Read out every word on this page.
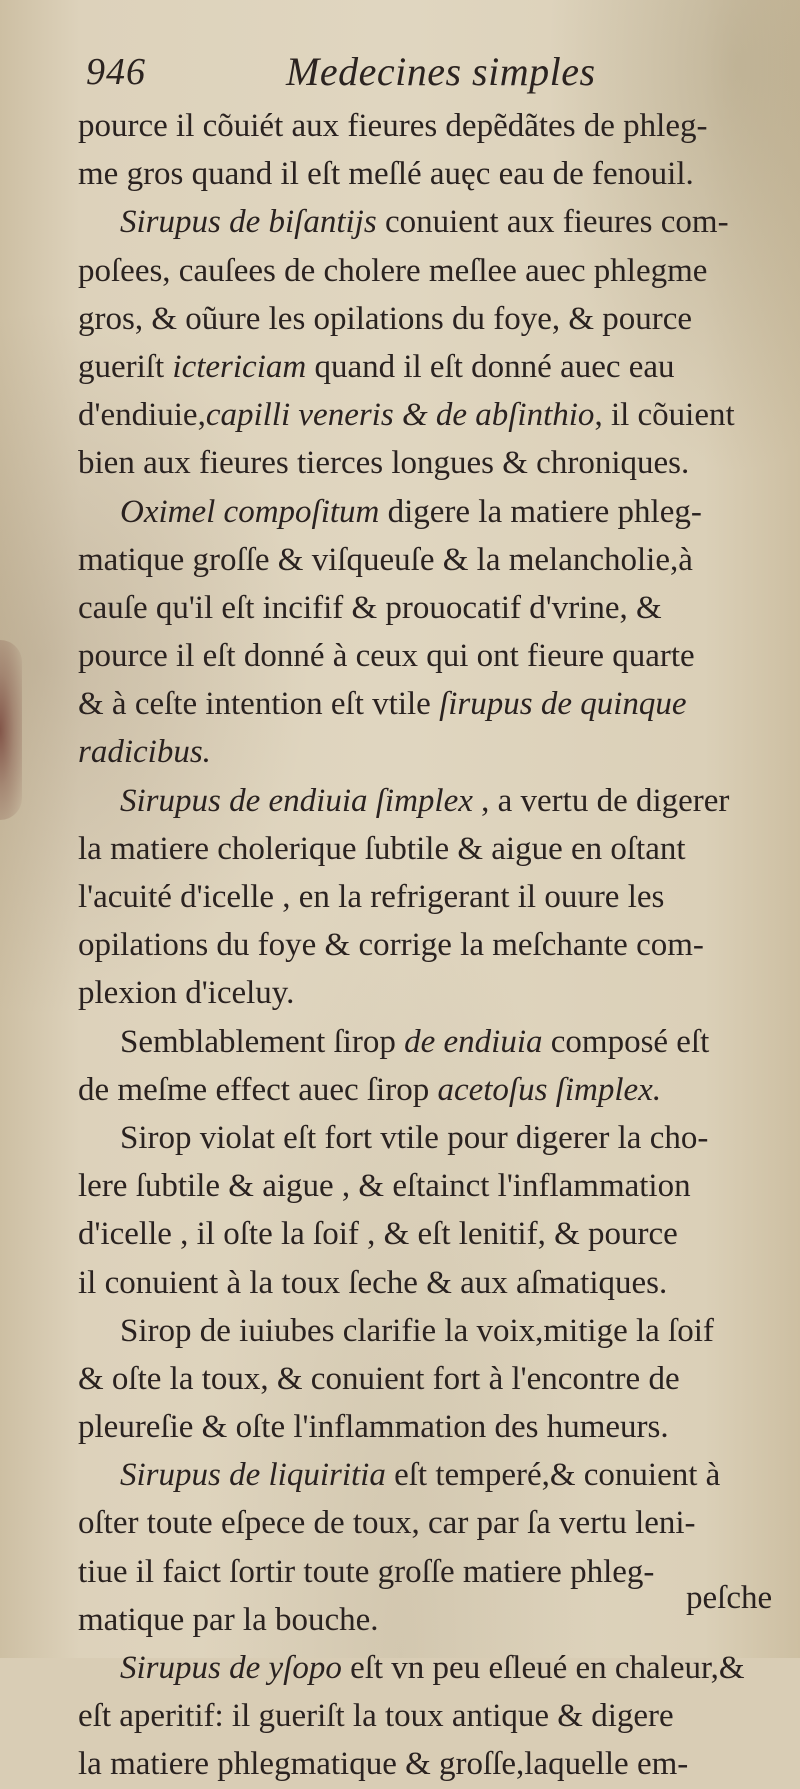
946	Medecines simples
pource il cõuiét aux fieures depẽdãtes de phleg-
me gros quand il eſt meſlé auęc eau de fenouil.
Sirupus de biſantijs conuient aux fieures com-
poſees, cauſees de cholere meſlee auec phlegme
gros, & oũure les opilations du foye, & pource
gueriſt ictericiam quand il eſt donné auec eau
d'endiuie,capilli veneris & de abſinthio, il cõuient
bien aux fieures tierces longues & chroniques.
Oximel compoſitum digere la matiere phleg-
matique groſſe & viſqueuſe & la melancholie,à
cauſe qu'il eſt incifif & prouocatif d'vrine, &
pource il eſt donné à ceux qui ont fieure quarte
& à ceſte intention eſt vtile ſirupus de quinque
radicibus.
Sirupus de endiuia ſimplex , a vertu de digerer
la matiere cholerique ſubtile & aigue en oſtant
l'acuité d'icelle , en la refrigerant il ouure les
opilations du foye & corrige la meſchante com-
plexion d'iceluy.
Semblablement ſirop de endiuia composé eſt
de meſme effect auec ſirop acetoſus ſimplex.
Sirop violat eſt fort vtile pour digerer la cho-
lere ſubtile & aigue , & eſtainct l'inflammation
d'icelle , il oſte la ſoif , & eſt lenitif, & pource
il conuient à la toux ſeche & aux aſmatiques.
Sirop de iuiubes clarifie la voix,mitige la ſoif
& oſte la toux, & conuient fort à l'encontre de
pleureſie & oſte l'inflammation des humeurs.
Sirupus de liquiritia eſt temperé,& conuient à
oſter toute eſpece de toux, car par ſa vertu leni-
tiue il faict ſortir toute groſſe matiere phleg-
matique par la bouche.
Sirupus de yſopo eſt vn peu eſleué en chaleur,&
eſt aperitif: il gueriſt la toux antique & digere
la matiere phlegmatique & groſſe,laquelle em-
peſche
